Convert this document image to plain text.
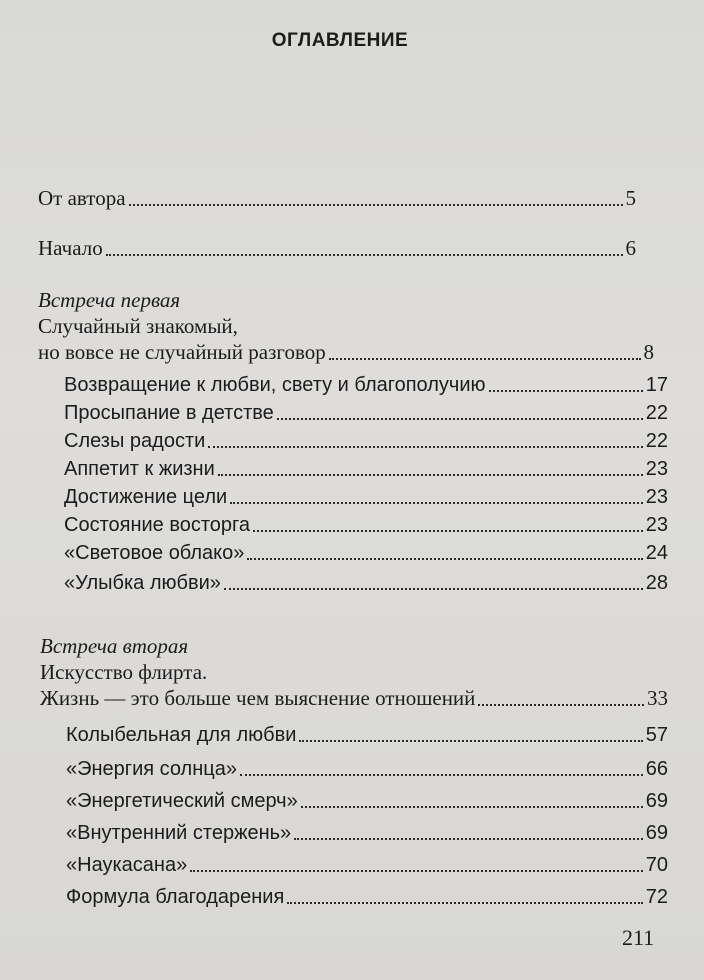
ОГЛАВЛЕНИЕ
От автора	5
Начало	6
Встреча первая
Случайный знакомый,
но вовсе не случайный разговор	8
Возвращение к любви, свету и благополучию	17
Просыпание в детстве	22
Слезы радости	22
Аппетит к жизни	23
Достижение цели	23
Состояние восторга	23
«Световое облако»	24
«Улыбка любви»	28
Встреча вторая
Искусство флирта.
Жизнь — это больше чем выяснение отношений	33
Колыбельная для любви	57
«Энергия солнца»	66
«Энергетический смерч»	69
«Внутренний стержень»	69
«Наукасана»	70
Формула благодарения	72
211
